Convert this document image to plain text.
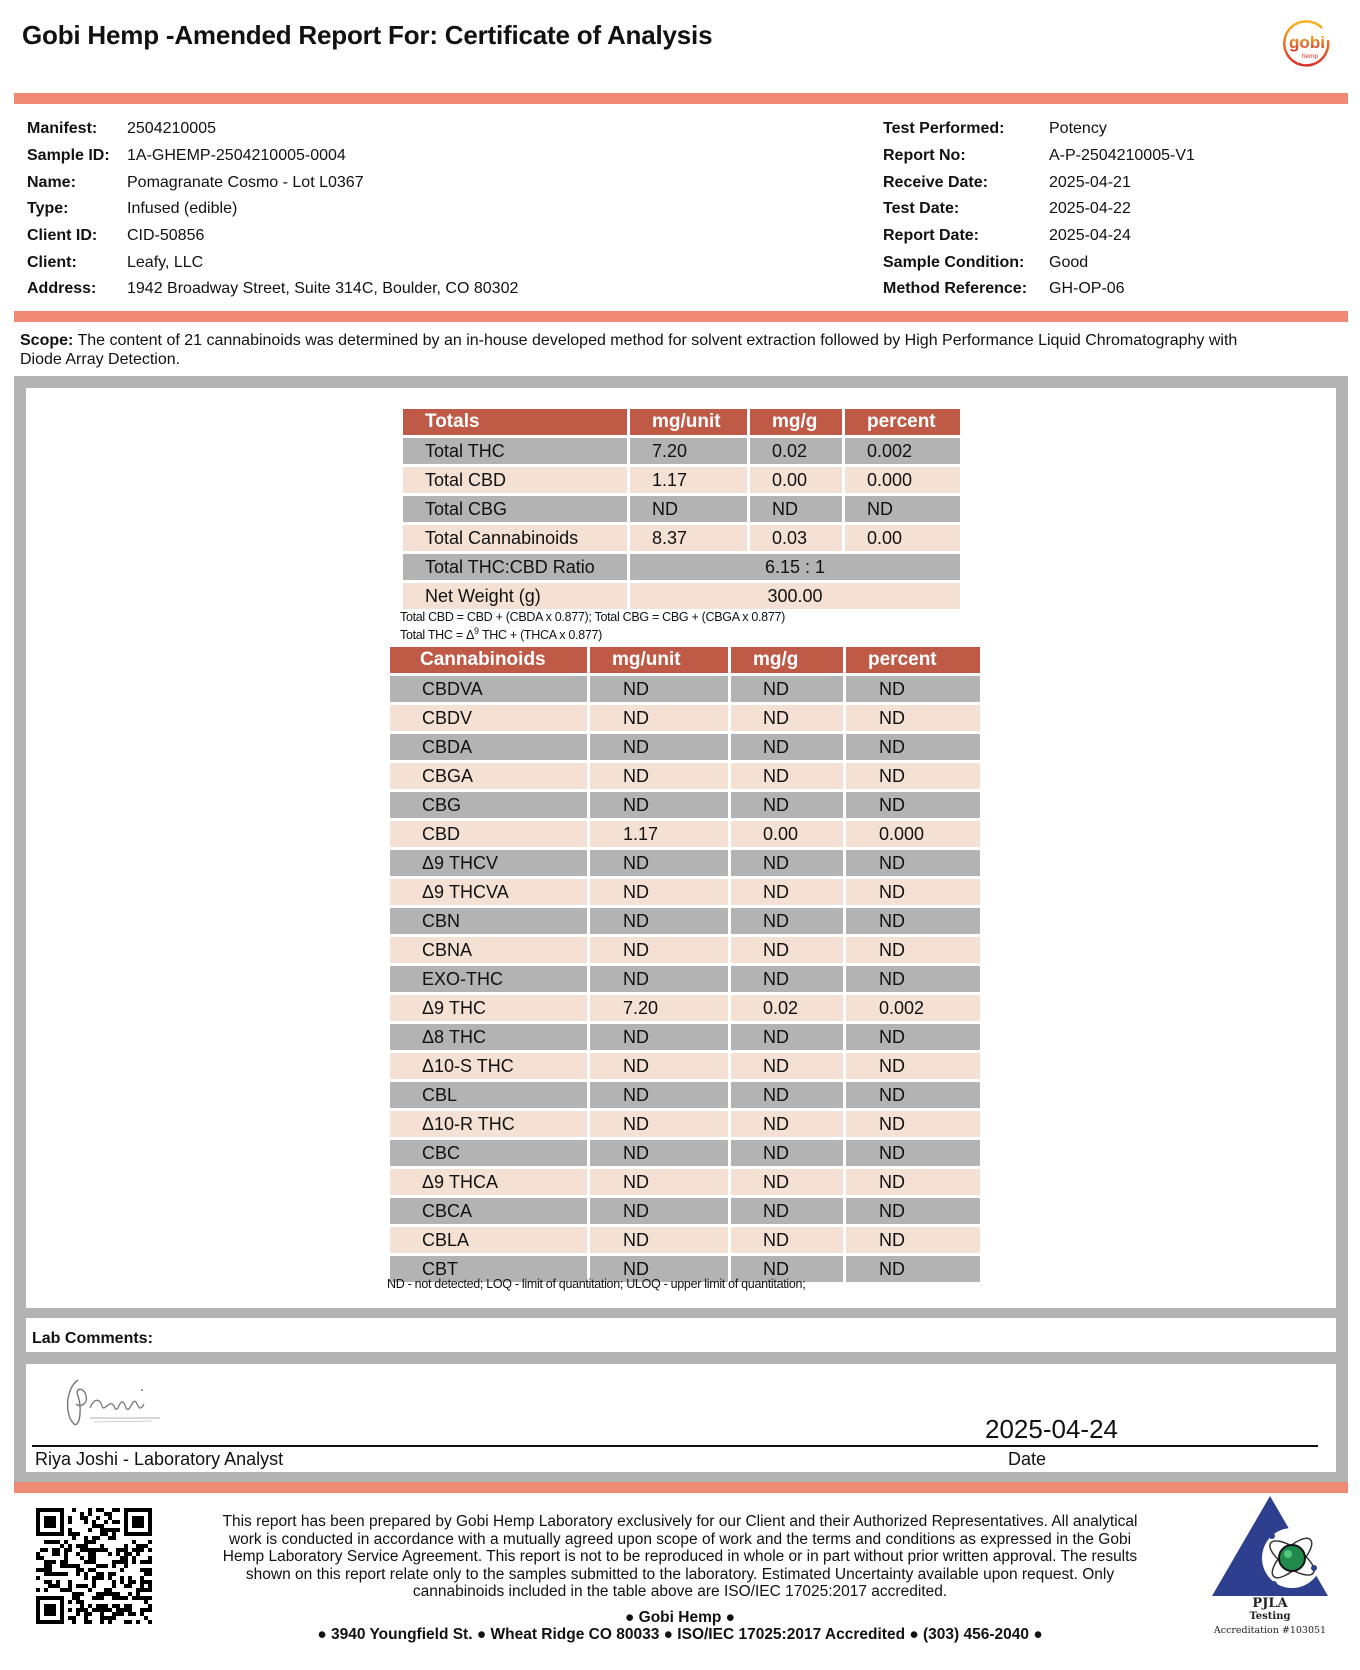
Gobi Hemp -Amended Report For: Certificate of Analysis	gobi
hemp
Manifest:	2504210005
Sample ID:	1A-GHEMP-2504210005-0004
Name:	Pomagranate Cosmo - Lot L0367
Type:	Infused (edible)
Client ID:	CID-50856
Client:	Leafy, LLC
Address:	1942 Broadway Street, Suite 314C, Boulder, CO 80302
Test Performed:	Potency
Report No:	A-P-2504210005-V1
Receive Date:	2025-04-21
Test Date:	2025-04-22
Report Date:	2025-04-24
Sample Condition:	Good
Method Reference:	GH-OP-06
Scope: The content of 21 cannabinoids was determined by an in-house developed method for solvent extraction followed by High Performance Liquid Chromatography with Diode Array Detection.
Totals	mg/unit	mg/g	percent
Total THC	7.20	0.02	0.002
Total CBD	1.17	0.00	0.000
Total CBG	ND	ND	ND
Total Cannabinoids	8.37	0.03	0.00
Total THC:CBD Ratio	6.15 : 1		
Net Weight (g)	300.00		
Total CBD = CBD + (CBDA x 0.877); Total CBG = CBG + (CBGA x 0.877)
Total THC = $\Delta^9$ THC + (THCA x 0.877)
Cannabinoids	mg/unit	mg/g	percent
CBDVA	ND	ND	ND
CBDV	ND	ND	ND
CBDA	ND	ND	ND
CBGA	ND	ND	ND
CBG	ND	ND	ND
CBD	1.17	0.00	0.000
Δ9 THCV	ND	ND	ND
Δ9 THCVA	ND	ND	ND
CBN	ND	ND	ND
CBNA	ND	ND	ND
EXO-THC	ND	ND	ND
Δ9 THC	7.20	0.02	0.002
Δ8 THC	ND	ND	ND
Δ10-S THC	ND	ND	ND
CBL	ND	ND	ND
Δ10-R THC	ND	ND	ND
CBC	ND	ND	ND
Δ9 THCA	ND	ND	ND
CBCA	ND	ND	ND
CBLA	ND	ND	ND
CBT	ND	ND	ND
ND - not detected; LOQ - limit of quantitation; ULOQ - upper limit of quantitation;
Lab Comments:
2025-04-24
Riya Joshi - Laboratory Analyst	Date
This report has been prepared by Gobi Hemp Laboratory exclusively for our Client and their Authorized Representatives. All analytical work is conducted in accordance with a mutually agreed upon scope of work and the terms and conditions as expressed in the Gobi Hemp Laboratory Service Agreement. This report is not to be reproduced in whole or in part without prior written approval. The results shown on this report relate only to the samples submitted to the laboratory. Estimated Uncertainty available upon request. Only cannabinoids included in the table above are ISO/IEC 17025:2017 accredited.
● Gobi Hemp ●
● 3940 Youngfield St. ● Wheat Ridge CO 80033 ● ISO/IEC 17025:2017 Accredited ● (303) 456-2040 ●
PJLA
Testing
Accreditation #103051
